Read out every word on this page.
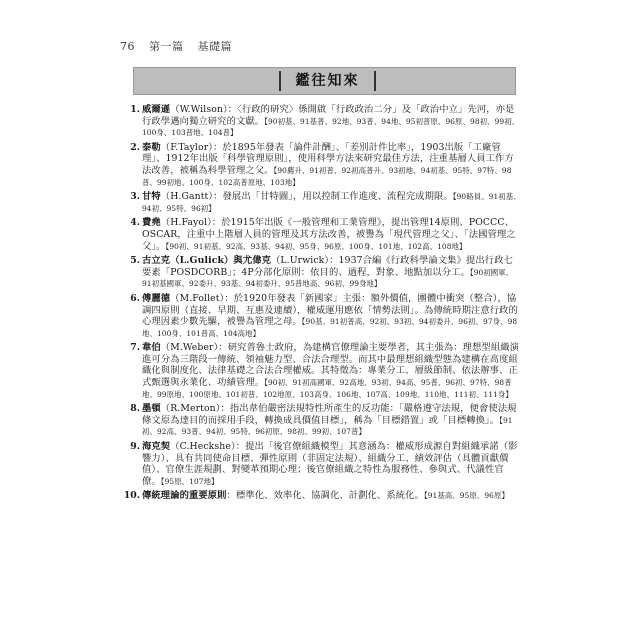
76 第一篇 基礎篇
鑑往知來
1. 威爾遜（W.Wilson）：〈行政的研究〉係開啟「行政政治二分」及「政治中立」先河，亦是行政學邁向獨立研究的文獻。【90初基、91基普、92地、93普、94地、95初普原、96原、98初、99初、100身、103普地、104普】
2. 泰勒（F.Taylor）：於1895年發表「論件計酬」、「差別計件比率」，1903出版「工廠管理」、1912年出版「科學管理原則」，使用科學方法來研究最佳方法，注重基層人員工作方法改善，被稱為科學管理之父。【90薦升、91初普、92初高普升、93初地、94初基、95特、97特、98普、99初地、100身、102高普原地、103地】
3. 甘特（H.Gantt）：發展出「甘特圖」，用以控制工作進度、流程完成期限。【90路員、91初基、94初、95特、96初】
4. 費堯（H.Fayol）：於1915年出版《一般管理和工業管理》，提出管理14原則、POCCC、OSCAR，注重中上階層人員的管理及其方法改善，被譽為「現代管理之父」、「法國管理之父」。【90初、91初基、92高、93基、94初、95身、96原、100身、101地、102高、108地】
5. 古立克（L.Gulick）與尤偉克（L.Urwick）：1937合編《行政科學論文集》提出行政七要素「POSDCORB」；4P分部化原則：依目的、過程，對象、地點加以分工。【90初國軍、91初基國軍、92委升、93基、94初委升、95普地高、96初、99身地】
6. 傅麗德（M.Follet）：於1920年發表「新國家」主張：額外價值，團體中衝突（整合），協調四原則（直接、早期、互惠及連續），權威運用應依「情勢法則」。為傳統時期注意行政的心理因素少數先驅，被譽為管理之母。【90基、91初普高、92初、93初、94初委升、96初、97身、98地、100身、101普高、104高地】
7. 韋伯（M.Weber）：研究普魯士政府，為建構官僚理論主要學者，其主張為：理想型組織演進可分為三階段一傳統、領袖魅力型、合法合理型。而其中最理想組織型態為建構在高度組織化與制度化、法律基礎之合法合理權威。其特徵為：專業分工、層級節制、依法辦事、正式甄選與永業化、功績管理。【90初、91初高國軍、92高地、93初、94高、95普、96初、97特、98普地、99原地、100原地、101初普、102地原、103高身、106地、107高、109地、110地、111初、111身】
8. 墨頓（R.Merton）：指出韋伯嚴密法規特性所產生的反功能：「嚴格遵守法規，便會使法規條文原為達目的而採用手段，轉換成具價值目標」，稱為「目標錯置」或「目標轉換」。【91初、92高、93普、94初、95特、96初原、98初、99初、107普】
9. 海克契（C.Heckshe）：提出「後官僚組織模型」其意涵為：權威形成源自對組織承諾（影響力）、具有共同使命目標、彈性原則（非固定法規）、組織分工、績效評估（具體貢獻價值）、官僚生涯規劃、對變革預期心理；後官僚組織之特性為服務性、參與式、代議性官僚。【95原、107地】
10. 傳統理論的重要原則：標準化、效率化、協調化、計劃化、系統化。【91基高、95原、96原】
